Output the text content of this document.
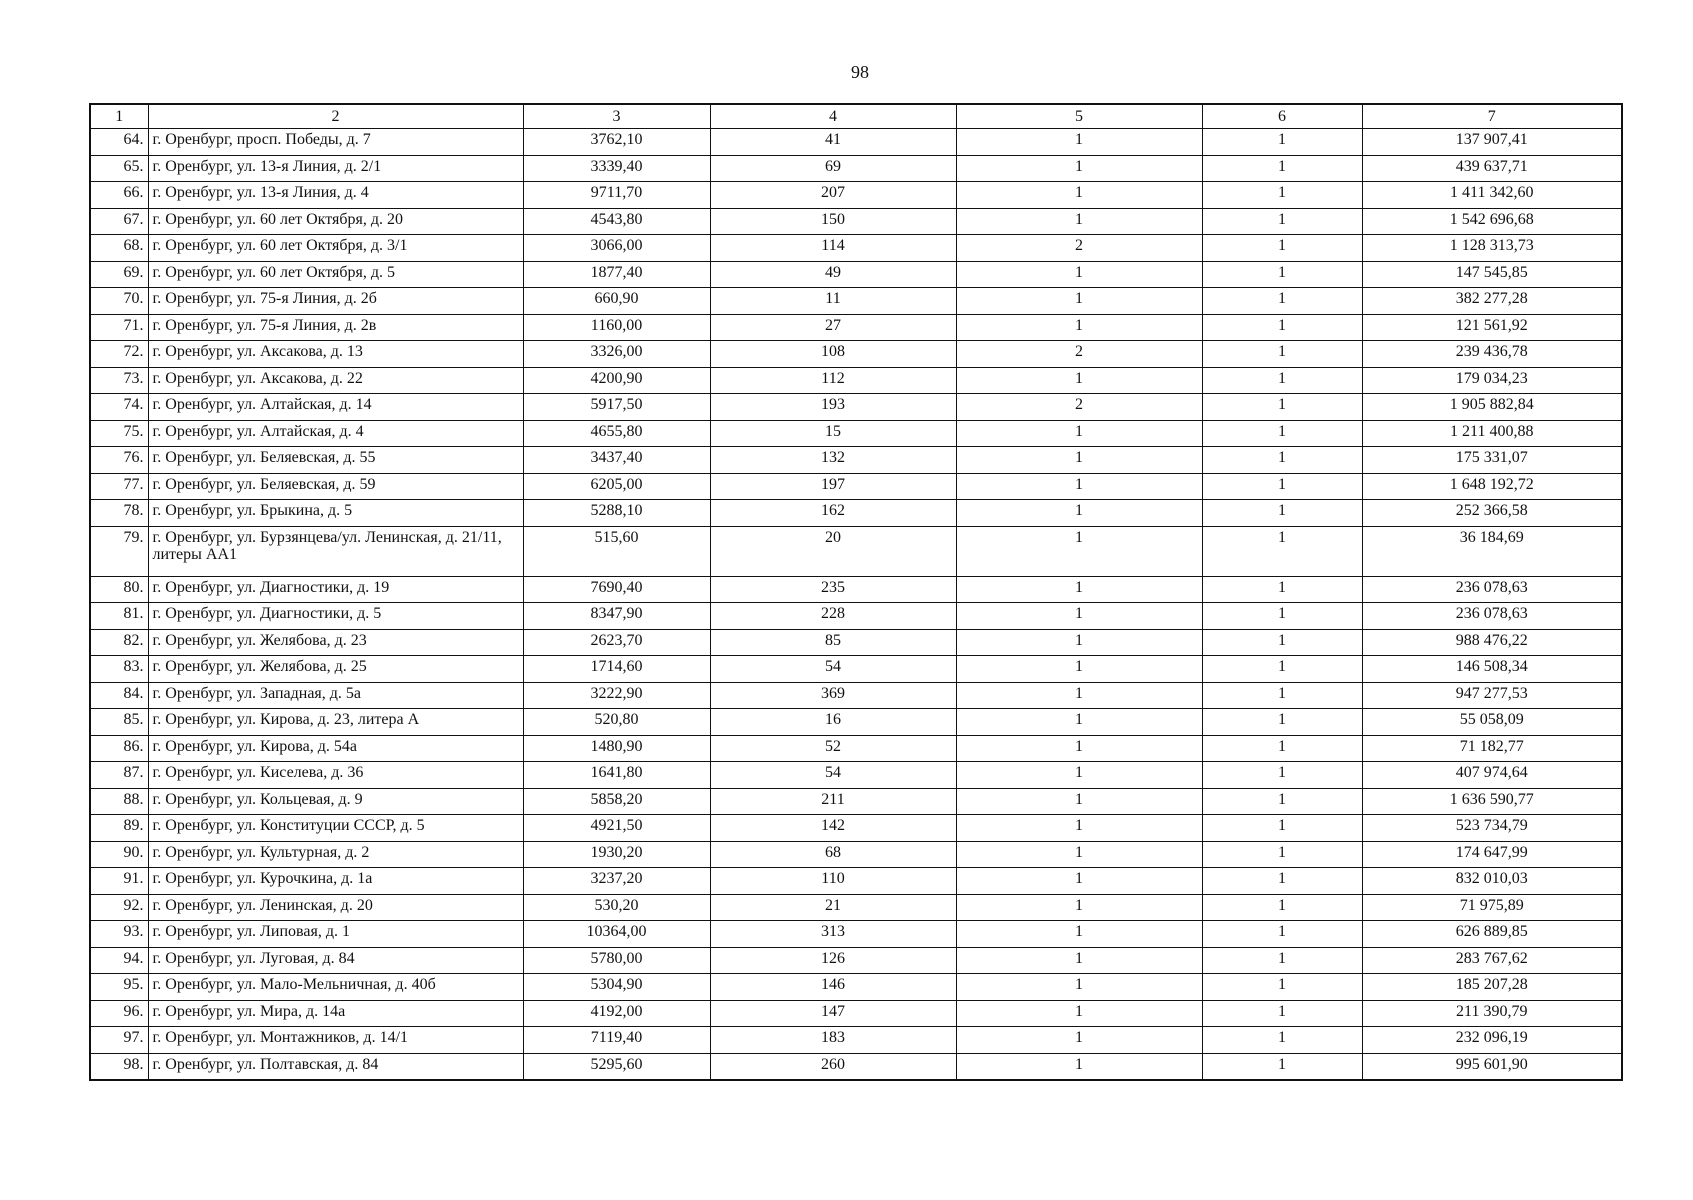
98
1	2	3	4	5	6	7
64.	г. Оренбург, просп. Победы, д. 7	3762,10	41	1	1	137 907,41
65.	г. Оренбург, ул. 13-я Линия, д. 2/1	3339,40	69	1	1	439 637,71
66.	г. Оренбург, ул. 13-я Линия, д. 4	9711,70	207	1	1	1 411 342,60
67.	г. Оренбург, ул. 60 лет Октября, д. 20	4543,80	150	1	1	1 542 696,68
68.	г. Оренбург, ул. 60 лет Октября, д. 3/1	3066,00	114	2	1	1 128 313,73
69.	г. Оренбург, ул. 60 лет Октября, д. 5	1877,40	49	1	1	147 545,85
70.	г. Оренбург, ул. 75-я Линия, д. 2б	660,90	11	1	1	382 277,28
71.	г. Оренбург, ул. 75-я Линия, д. 2в	1160,00	27	1	1	121 561,92
72.	г. Оренбург, ул. Аксакова, д. 13	3326,00	108	2	1	239 436,78
73.	г. Оренбург, ул. Аксакова, д. 22	4200,90	112	1	1	179 034,23
74.	г. Оренбург, ул. Алтайская, д. 14	5917,50	193	2	1	1 905 882,84
75.	г. Оренбург, ул. Алтайская, д. 4	4655,80	15	1	1	1 211 400,88
76.	г. Оренбург, ул. Беляевская, д. 55	3437,40	132	1	1	175 331,07
77.	г. Оренбург, ул. Беляевская, д. 59	6205,00	197	1	1	1 648 192,72
78.	г. Оренбург, ул. Брыкина, д. 5	5288,10	162	1	1	252 366,58
79.	г. Оренбург, ул. Бурзянцева/ул. Ленинская, д. 21/11, литеры АА1	515,60	20	1	1	36 184,69
80.	г. Оренбург, ул. Диагностики, д. 19	7690,40	235	1	1	236 078,63
81.	г. Оренбург, ул. Диагностики, д. 5	8347,90	228	1	1	236 078,63
82.	г. Оренбург, ул. Желябова, д. 23	2623,70	85	1	1	988 476,22
83.	г. Оренбург, ул. Желябова, д. 25	1714,60	54	1	1	146 508,34
84.	г. Оренбург, ул. Западная, д. 5а	3222,90	369	1	1	947 277,53
85.	г. Оренбург, ул. Кирова, д. 23, литера А	520,80	16	1	1	55 058,09
86.	г. Оренбург, ул. Кирова, д. 54а	1480,90	52	1	1	71 182,77
87.	г. Оренбург, ул. Киселева, д. 36	1641,80	54	1	1	407 974,64
88.	г. Оренбург, ул. Кольцевая, д. 9	5858,20	211	1	1	1 636 590,77
89.	г. Оренбург, ул. Конституции СССР, д. 5	4921,50	142	1	1	523 734,79
90.	г. Оренбург, ул. Культурная, д. 2	1930,20	68	1	1	174 647,99
91.	г. Оренбург, ул. Курочкина, д. 1а	3237,20	110	1	1	832 010,03
92.	г. Оренбург, ул. Ленинская, д. 20	530,20	21	1	1	71 975,89
93.	г. Оренбург, ул. Липовая, д. 1	10364,00	313	1	1	626 889,85
94.	г. Оренбург, ул. Луговая, д. 84	5780,00	126	1	1	283 767,62
95.	г. Оренбург, ул. Мало-Мельничная, д. 40б	5304,90	146	1	1	185 207,28
96.	г. Оренбург, ул. Мира, д. 14а	4192,00	147	1	1	211 390,79
97.	г. Оренбург, ул. Монтажников, д. 14/1	7119,40	183	1	1	232 096,19
98.	г. Оренбург, ул. Полтавская, д. 84	5295,60	260	1	1	995 601,90
